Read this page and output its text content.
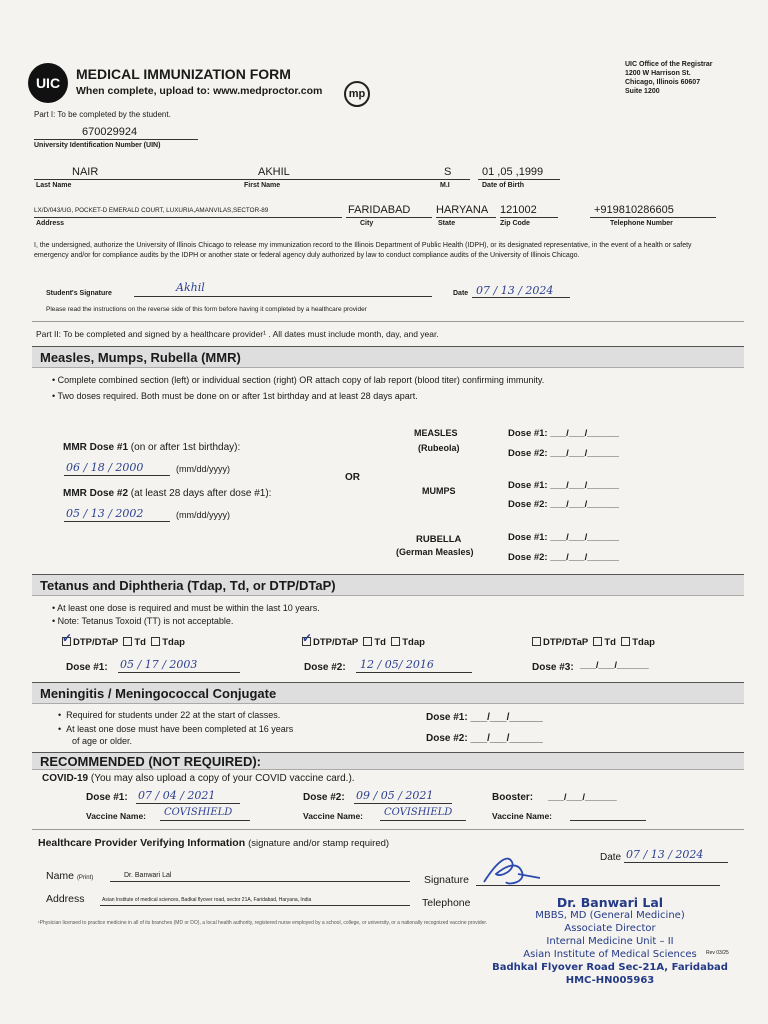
UIC
MEDICAL IMMUNIZATION FORM
When complete, upload to: www.medproctor.com	mp
UIC Office of the Registrar
1200 W Harrison St.
Chicago, Illinois 60607
Suite 1200
Part I: To be completed by the student.
670029924
University Identification Number (UIN)
NAIR	AKHIL	S	01 ,05 ,1999
Last Name	First Name	M.I	Date of Birth
LX/D/043/UG, POCKET-D EMERALD COURT, LUXURIA,AMANVILAS,SECTOR-89	FARIDABAD HARYANA 121002	+919810286605
Address	City	State	Zip Code	Telephone Number
I, the undersigned, authorize the University of Illinois Chicago to release my immunization record to the Illinois Department of Public Health (IDPH), or its designated representative, in the event of a health or safety emergency and/or for compliance audits by the IDPH or another state or federal agency duly authorized by law to conduct compliance audits of the University of Illinois Chicago.
Student's Signature	Akhil	Date 07 / 13 / 2024
Please read the instructions on the reverse side of this form before having it completed by a healthcare provider
Part II: To be completed and signed by a healthcare provider¹ . All dates must include month, day, and year.
Measles, Mumps, Rubella (MMR)
• Complete combined section (left) or individual section (right) OR attach copy of lab report (blood titer) confirming immunity.
• Two doses required. Both must be done on or after 1st birthday and at least 28 days apart.
MMR Dose #1 (on or after 1st birthday):
06 / 18 / 2000	(mm/dd/yyyy)
MMR Dose #2 (at least 28 days after dose #1):
05 / 13 / 2002	(mm/dd/yyyy)
OR
MEASLES
(Rubeola)
Dose #1: ___/___/______
Dose #2: ___/___/______
MUMPS	Dose #1: ___/___/______
Dose #2: ___/___/______
RUBELLA
(German Measles)
Dose #1: ___/___/______
Dose #2: ___/___/______
Tetanus and Diphtheria (Tdap, Td, or DTP/DTaP)
• At least one dose is required and must be within the last 10 years.
• Note: Tetanus Toxoid (TT) is not acceptable.
✓DTP/DTaP Td Tdap
✓	DTP/DTaP Td Tdap	DTP/DTaP Td Tdap
Dose #1: 05 / 17 / 2003	Dose #2: 12 / 05/ 2016	Dose #3: ___/___/______
Meningitis / Meningococcal Conjugate
•  Required for students under 22 at the start of classes.
•  At least one dose must have been completed at 16 years
of age or older.
Dose #1: ___/___/______
Dose #2: ___/___/______
RECOMMENDED (NOT REQUIRED):
COVID-19 (You may also upload a copy of your COVID vaccine card.).
Dose #1: 07 / 04 / 2021	Dose #2: 09 / 05 / 2021	Booster: ___/___/______
Vaccine Name: COVISHIELD	Vaccine Name: COVISHIELD	Vaccine Name:
Healthcare Provider Verifying Information (signature and/or stamp required)
Date 07 / 13 / 2024
Name (Print)	Dr. Banwari Lal	Signature
Address	Asian Institute of medical sciences, Badkal flyover road, sector 21A, Faridabad, Haryana, India	Telephone
¹Physician licensed to practice medicine in all of its branches (MD or DO), a local health authority, registered nurse employed by a school, college, or university, or a nationally recognized vaccine provider.
Rev 03/25
Dr. Banwari Lal
MBBS, MD (General Medicine)
Associate Director
Internal Medicine Unit – II
Asian Institute of Medical Sciences
Badhkal Flyover Road Sec-21A, Faridabad
HMC-HN005963
